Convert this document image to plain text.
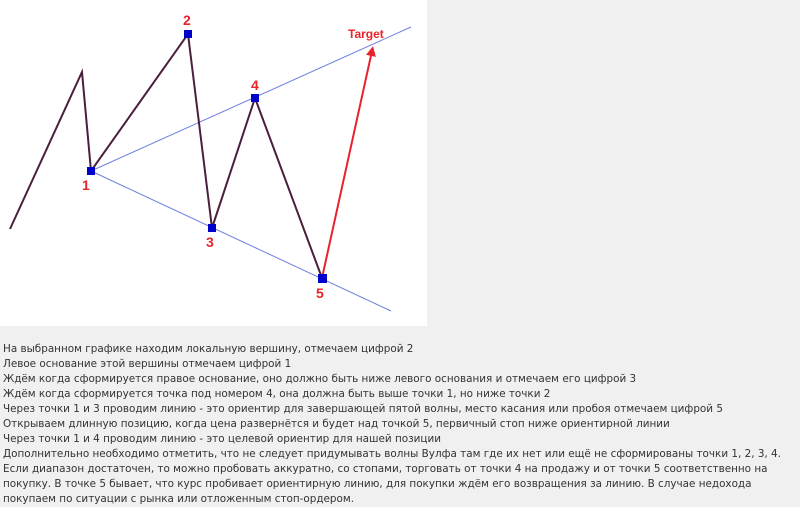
1
2
3
4
5
Target

На выбранном графике находим локальную вершину, отмечаем цифрой 2

Левое основание этой вершины отмечаем цифрой 1

Ждём когда сформируется правое основание, оно должно быть ниже левого основания и отмечаем его цифрой 3

Ждём когда сформируется точка под номером 4, она должна быть выше точки 1, но ниже точки 2

Через точки 1 и 3 проводим линию - это ориентир для завершающей пятой волны, место касания или пробоя отмечаем цифрой 5

Открываем длинную позицию, когда цена развернётся и будет над точкой 5, первичный стоп ниже ориентирной линии

Через точки 1 и 4 проводим линию - это целевой ориентир для нашей позиции

Дополнительно необходимо отметить, что не следует придумывать волны Вулфа там где их нет или ещё не сформированы точки 1, 2, 3, 4. Если диапазон достаточен, то можно пробовать аккуратно, со стопами, торговать от точки 4 на продажу и от точки 5 соответственно на покупку. В точке 5 бывает, что курс пробивает ориентирную линию, для покупки ждём его возвращения за линию. В случае недохода покупаем по ситуации с рынка или отложенным стоп-ордером.
